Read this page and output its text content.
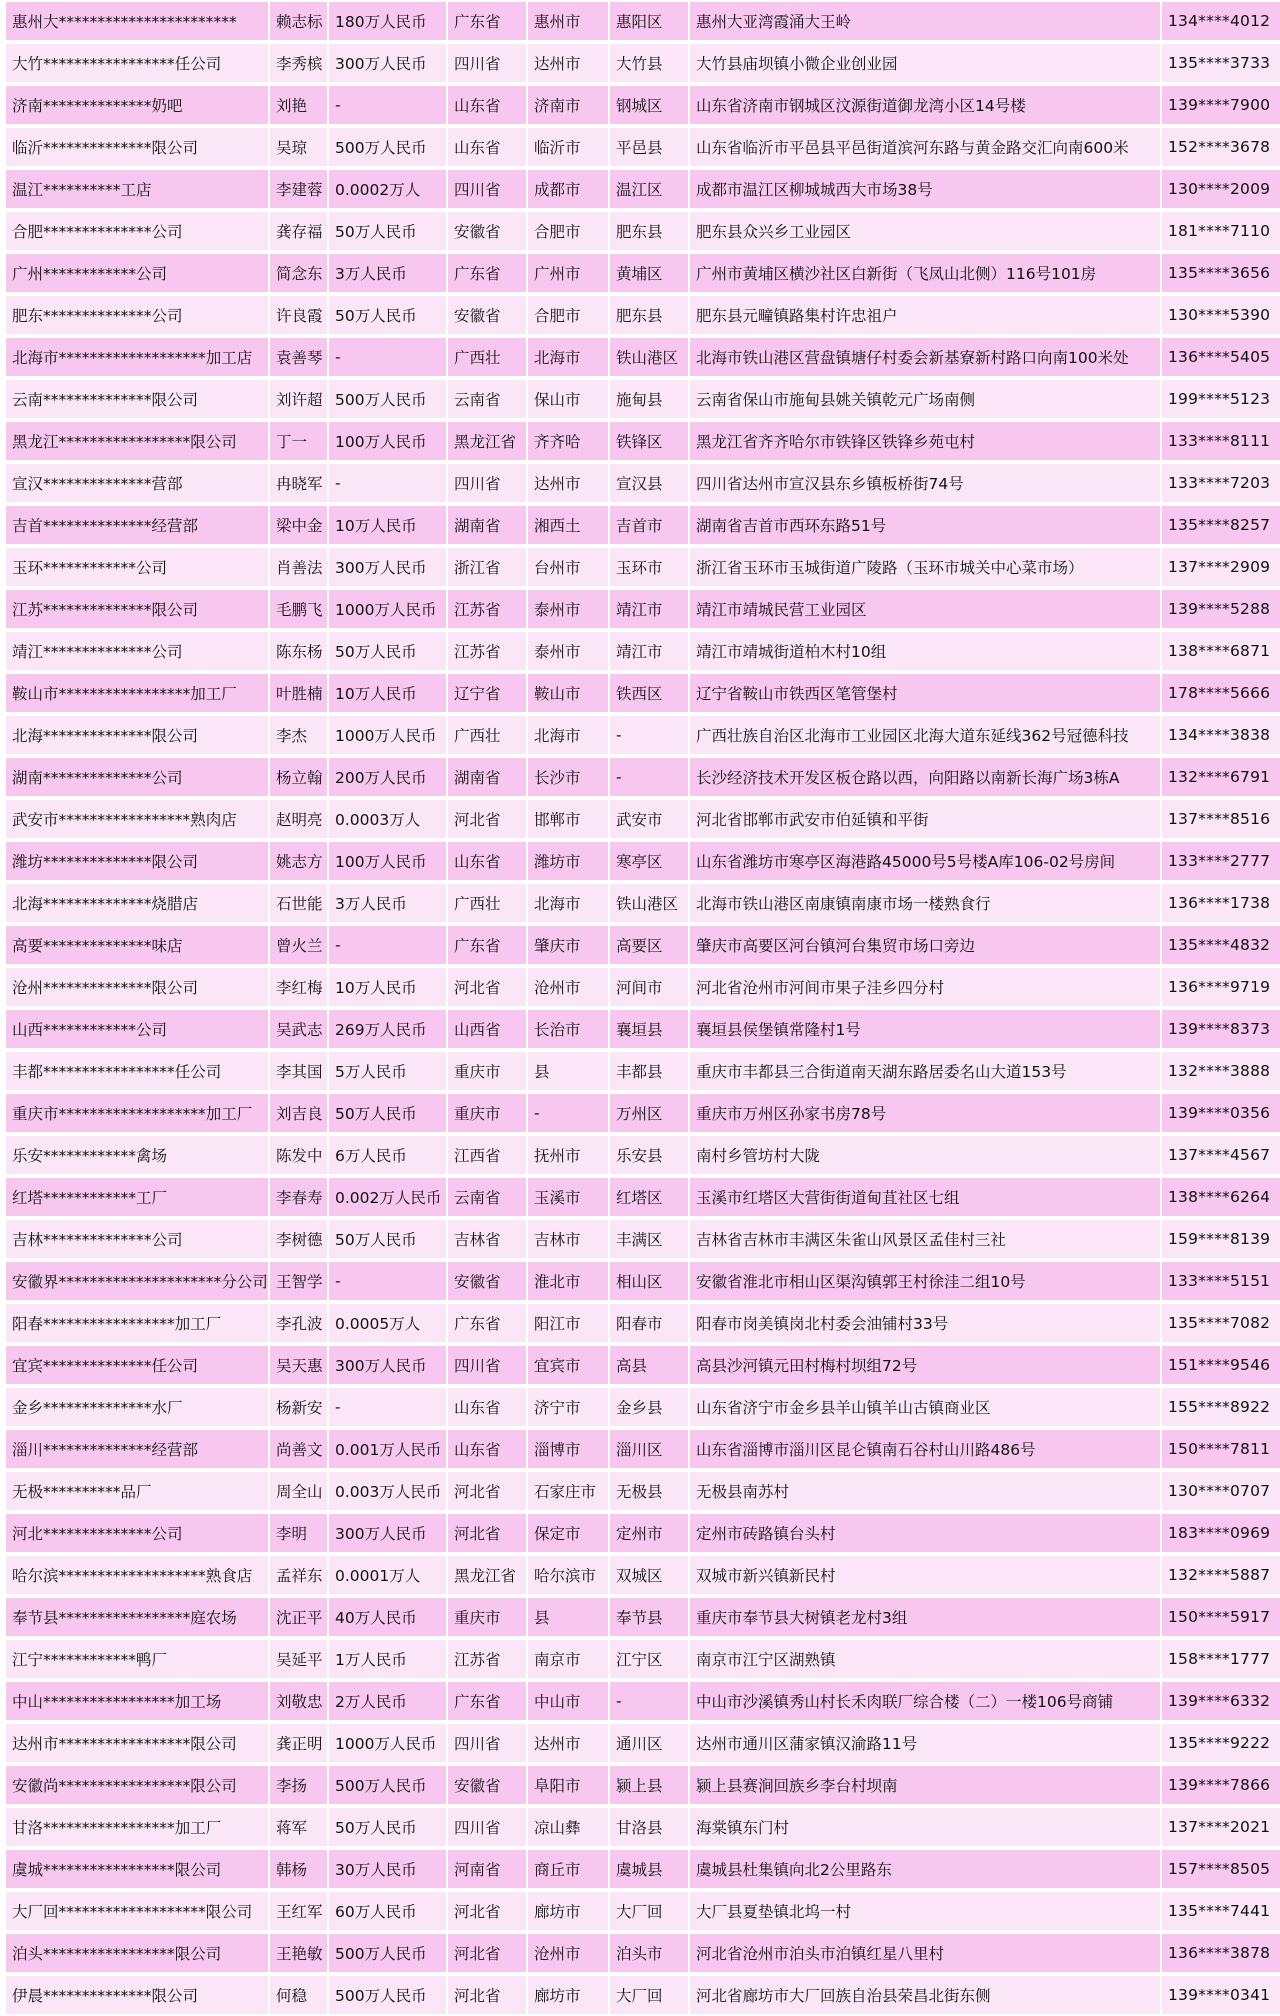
惠州大***********************	赖志标	180万人民币	广东省	惠州市	惠阳区	惠州大亚湾霞涌大王岭	134****4012
大竹*****************任公司	李秀槟	300万人民币	四川省	达州市	大竹县	大竹县庙坝镇小微企业创业园	135****3733
济南**************奶吧	刘艳	-	山东省	济南市	钢城区	山东省济南市钢城区汶源街道御龙湾小区14号楼	139****7900
临沂**************限公司	吴琼	500万人民币	山东省	临沂市	平邑县	山东省临沂市平邑县平邑街道滨河东路与黄金路交汇向南600米	152****3678
温江**********工店	李建蓉	0.0002万人	四川省	成都市	温江区	成都市温江区柳城城西大市场38号	130****2009
合肥**************公司	龚存福	50万人民币	安徽省	合肥市	肥东县	肥东县众兴乡工业园区	181****7110
广州************公司	简念东	3万人民币	广东省	广州市	黄埔区	广州市黄埔区横沙社区白新街（飞凤山北侧）116号101房	135****3656
肥东**************公司	许良霞	50万人民币	安徽省	合肥市	肥东县	肥东县元疃镇路集村许忠祖户	130****5390
北海市*******************加工店	袁善琴	-	广西壮	北海市	铁山港区	北海市铁山港区营盘镇塘仔村委会新基寮新村路口向南100米处	136****5405
云南**************限公司	刘许超	500万人民币	云南省	保山市	施甸县	云南省保山市施甸县姚关镇乾元广场南侧	199****5123
黑龙江*****************限公司	丁一	100万人民币	黑龙江省	齐齐哈	铁锋区	黑龙江省齐齐哈尔市铁锋区铁锋乡苑屯村	133****8111
宣汉**************营部	冉晓军	-	四川省	达州市	宣汉县	四川省达州市宣汉县东乡镇板桥街74号	133****7203
吉首**************经营部	梁中金	10万人民币	湖南省	湘西土	吉首市	湖南省吉首市西环东路51号	135****8257
玉环************公司	肖善法	300万人民币	浙江省	台州市	玉环市	浙江省玉环市玉城街道广陵路（玉环市城关中心菜市场）	137****2909
江苏**************限公司	毛鹏飞	1000万人民币	江苏省	泰州市	靖江市	靖江市靖城民营工业园区	139****5288
靖江**************公司	陈东杨	50万人民币	江苏省	泰州市	靖江市	靖江市靖城街道柏木村10组	138****6871
鞍山市*****************加工厂	叶胜楠	10万人民币	辽宁省	鞍山市	铁西区	辽宁省鞍山市铁西区笔管堡村	178****5666
北海**************限公司	李杰	1000万人民币	广西壮	北海市	-	广西壮族自治区北海市工业园区北海大道东延线362号冠德科技	134****3838
湖南**************公司	杨立翰	200万人民币	湖南省	长沙市	-	长沙经济技术开发区板仓路以西，向阳路以南新长海广场3栋A	132****6791
武安市*****************熟肉店	赵明亮	0.0003万人	河北省	邯郸市	武安市	河北省邯郸市武安市伯延镇和平街	137****8516
潍坊**************限公司	姚志方	100万人民币	山东省	潍坊市	寒亭区	山东省潍坊市寒亭区海港路45000号5号楼A库106-02号房间	133****2777
北海**************烧腊店	石世能	3万人民币	广西壮	北海市	铁山港区	北海市铁山港区南康镇南康市场一楼熟食行	136****1738
高要**************味店	曾火兰	-	广东省	肇庆市	高要区	肇庆市高要区河台镇河台集贸市场口旁边	135****4832
沧州**************限公司	李红梅	10万人民币	河北省	沧州市	河间市	河北省沧州市河间市果子洼乡四分村	136****9719
山西************公司	吴武志	269万人民币	山西省	长治市	襄垣县	襄垣县侯堡镇常隆村1号	139****8373
丰都*****************任公司	李其国	5万人民币	重庆市	县	丰都县	重庆市丰都县三合街道南天湖东路居委名山大道153号	132****3888
重庆市*******************加工厂	刘吉良	50万人民币	重庆市	-	万州区	重庆市万州区孙家书房78号	139****0356
乐安************禽场	陈发中	6万人民币	江西省	抚州市	乐安县	南村乡管坊村大陇	137****4567
红塔************工厂	李春寿	0.002万人民币	云南省	玉溪市	红塔区	玉溪市红塔区大营街街道甸苴社区七组	138****6264
吉林**************公司	李树德	50万人民币	吉林省	吉林市	丰满区	吉林省吉林市丰满区朱雀山风景区孟佳村三社	159****8139
安徽界*********************分公司	王智学	-	安徽省	淮北市	相山区	安徽省淮北市相山区渠沟镇郭王村徐洼二组10号	133****5151
阳春*****************加工厂	李孔波	0.0005万人	广东省	阳江市	阳春市	阳春市岗美镇岗北村委会油铺村33号	135****7082
宜宾**************任公司	吴天惠	300万人民币	四川省	宜宾市	高县	高县沙河镇元田村梅村坝组72号	151****9546
金乡**************水厂	杨新安	-	山东省	济宁市	金乡县	山东省济宁市金乡县羊山镇羊山古镇商业区	155****8922
淄川**************经营部	尚善文	0.001万人民币	山东省	淄博市	淄川区	山东省淄博市淄川区昆仑镇南石谷村山川路486号	150****7811
无极**********品厂	周全山	0.003万人民币	河北省	石家庄市	无极县	无极县南苏村	130****0707
河北**************公司	李明	300万人民币	河北省	保定市	定州市	定州市砖路镇台头村	183****0969
哈尔滨*******************熟食店	孟祥东	0.0001万人	黑龙江省	哈尔滨市	双城区	双城市新兴镇新民村	132****5887
奉节县*****************庭农场	沈正平	40万人民币	重庆市	县	奉节县	重庆市奉节县大树镇老龙村3组	150****5917
江宁************鸭厂	吴延平	1万人民币	江苏省	南京市	江宁区	南京市江宁区湖熟镇	158****1777
中山*****************加工场	刘敬忠	2万人民币	广东省	中山市	-	中山市沙溪镇秀山村长禾肉联厂综合楼（二）一楼106号商铺	139****6332
达州市*****************限公司	龚正明	1000万人民币	四川省	达州市	通川区	达州市通川区蒲家镇汉渝路11号	135****9222
安徽尚*****************限公司	李扬	500万人民币	安徽省	阜阳市	颍上县	颍上县赛涧回族乡李台村坝南	139****7866
甘洛*****************加工厂	蒋军	50万人民币	四川省	凉山彝	甘洛县	海棠镇东门村	137****2021
虞城*****************限公司	韩杨	30万人民币	河南省	商丘市	虞城县	虞城县杜集镇向北2公里路东	157****8505
大厂回*******************限公司	王红军	60万人民币	河北省	廊坊市	大厂回	大厂县夏垫镇北坞一村	135****7441
泊头*****************限公司	王艳敏	500万人民币	河北省	沧州市	泊头市	河北省沧州市泊头市泊镇红星八里村	136****3878
伊晨**************限公司	何稳	500万人民币	河北省	廊坊市	大厂回	河北省廊坊市大厂回族自治县荣昌北街东侧	139****0341
